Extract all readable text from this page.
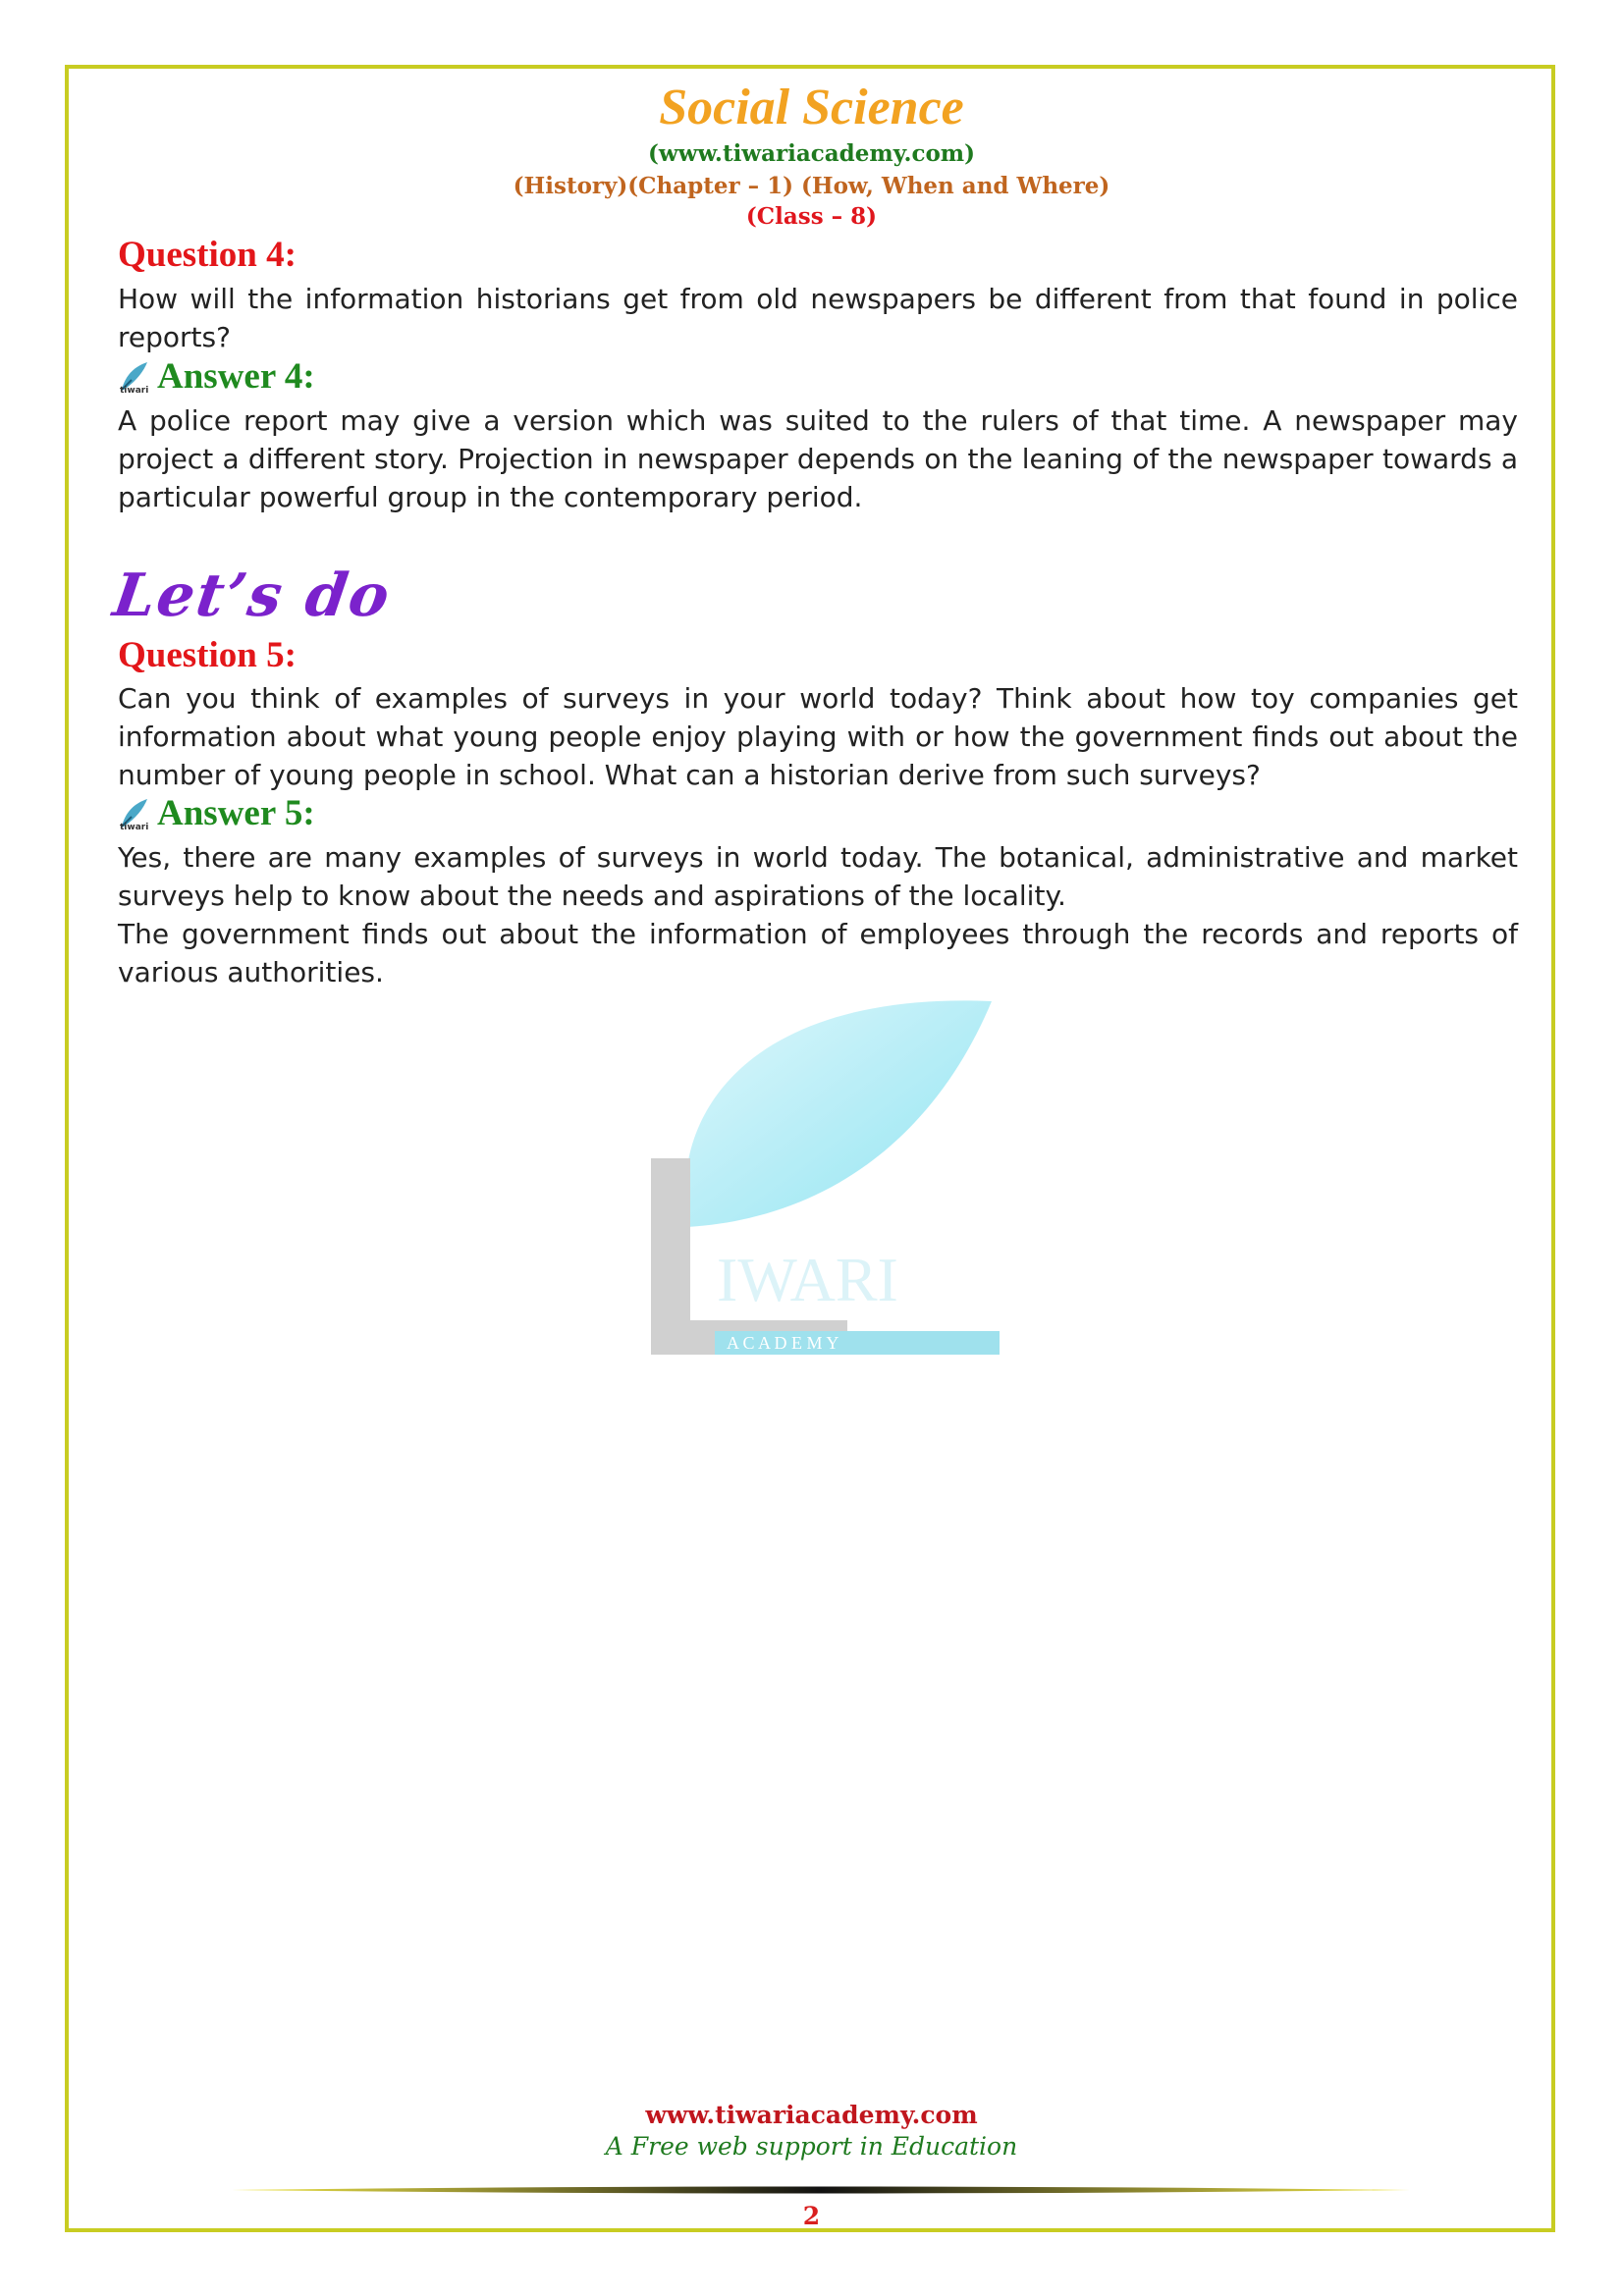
Social Science
(www.tiwariacademy.com)
(History)(Chapter – 1) (How, When and Where)
(Class – 8)
Question 4:

How will the information historians get from old newspapers be different from that found in police reports?

tiwari Answer 4:

A police report may give a version which was suited to the rulers of that time. A newspaper may project a different story. Projection in newspaper depends on the leaning of the newspaper towards a particular powerful group in the contemporary period.

Let’s do
Question 5:

Can you think of examples of surveys in your world today? Think about how toy companies get information about what young people enjoy playing with or how the government finds out about the number of young people in school. What can a historian derive from such surveys?

tiwari Answer 5:

Yes, there are many examples of surveys in world today. The botanical, administrative and market surveys help to know about the needs and aspirations of the locality.

The government finds out about the information of employees through the records and reports of various authorities.

IWARI
A C A D E M Y
www.tiwariacademy.com
A Free web support in Education
2
